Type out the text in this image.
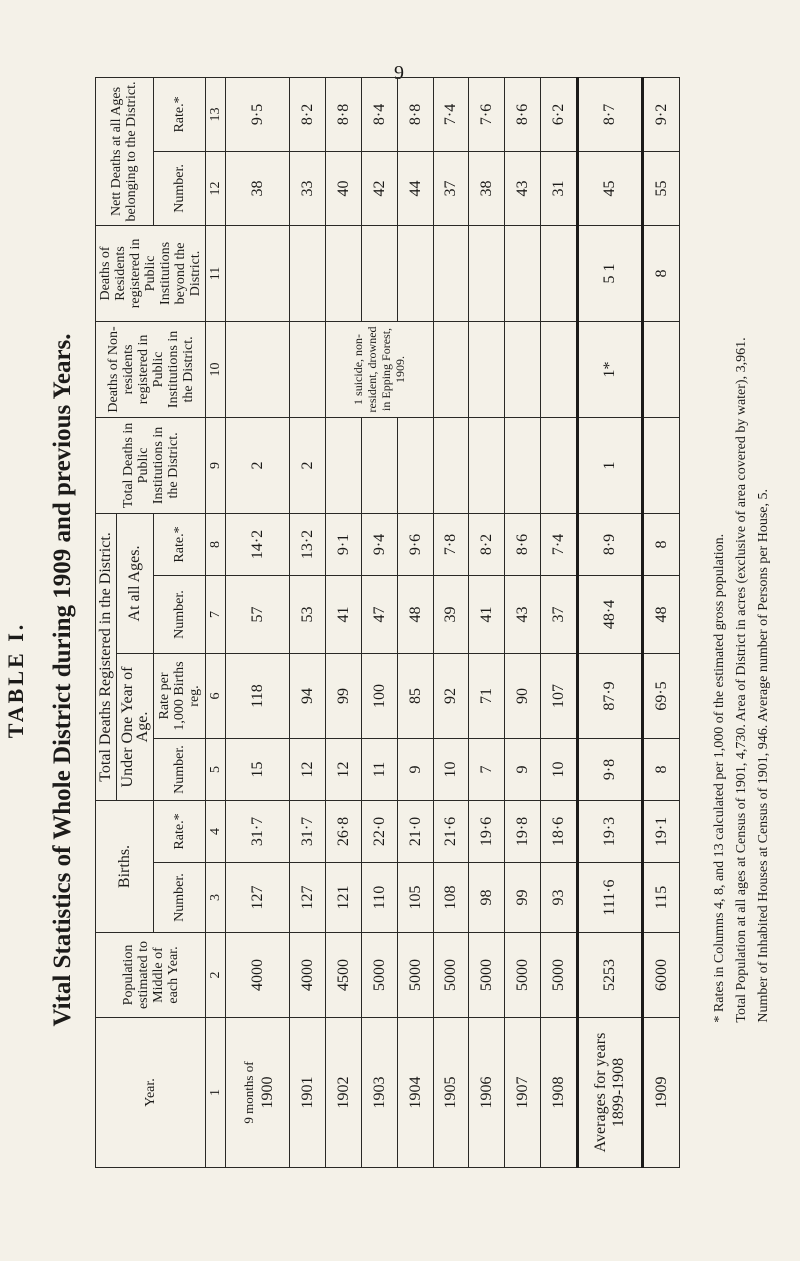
9
TABLE I. Vital Statistics of Whole District during 1909 and previous Years.
Year.	Population estimated to Middle of each Year.	Births.		Total Deaths Registered in the District.				Total Deaths in Public Institutions in the District.	Deaths of Non-residents registered in Public Institutions in the District.	Deaths of Residents registered in Public Institutions beyond the District.	Nett Deaths at all Ages belonging to the District.	
				Under One Year of Age.		At all Ages.						
		Number.	Rate.*	Number.	Rate per 1,000 Births reg.	Number.	Rate.*				Number.	Rate.*
1	2	3	4	5	6	7	8	9	10	11	12	13

9 months of 1900	4000	127	31·7	15	118	57	14·2	2			38	9·5
1901	4000	127	31·7	12	94	53	13·2	2			33	8·2
1902	4500	121	26·8	12	99	41	9·1		1 suicide, non-resident, drowned in Epping Forest, 1909.		40	8·8
1903	5000	110	22·0	11	100	47	9·4				42	8·4
1904	5000	105	21·0	9	85	48	9·6				44	8·8
1905	5000	108	21·6	10	92	39	7·8				37	7·4
1906	5000	98	19·6	7	71	41	8·2				38	7·6
1907	5000	99	19·8	9	90	43	8·6				43	8·6
1908	5000	93	18·6	10	107	37	7·4				31	6·2
Averages for years 1899-1908	5253	111·6	19·3	9·8	87·9	48·4	8·9	1	1*	5 1	45	8·7
1909	6000	115	19·1	8	69·5	48	8			8	55	9·2
* Rates in Columns 4, 8, and 13 calculated per 1,000 of the estimated gross population. Total Population at all ages at Census of 1901, 4,730. Area of District in acres (exclusive of area covered by water), 3,961. Number of Inhabited Houses at Census of 1901, 946. Average number of Persons per House, 5.
